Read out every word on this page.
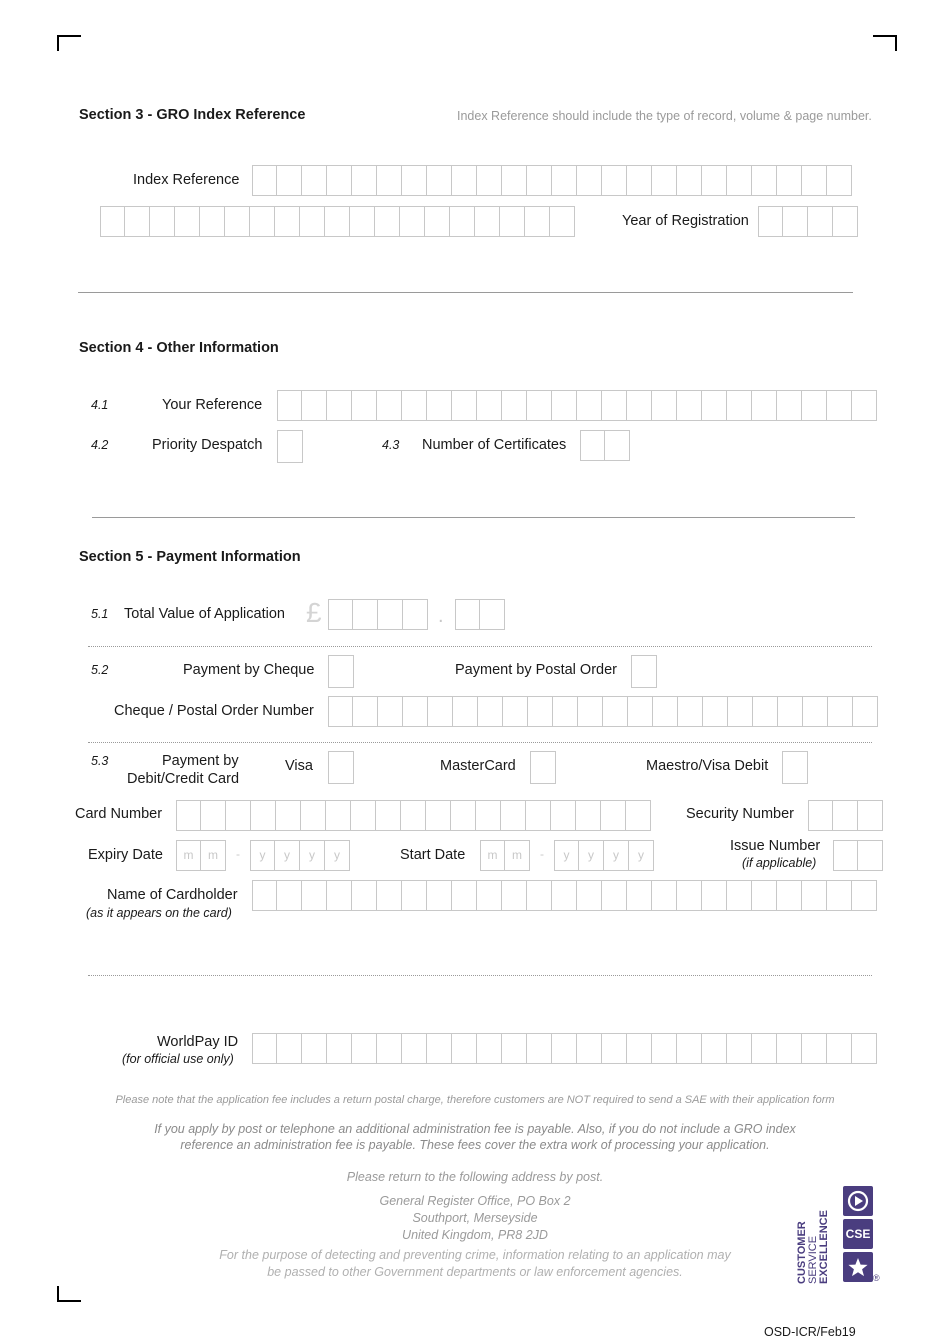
Section 3 - GRO Index Reference	Index Reference should include the type of record, volume & page number.
Index Reference
Year of Registration
Section 4 - Other Information
4.1	Your Reference
4.2	Priority Despatch	4.3 Number of Certificates
Section 5 - Payment Information
5.1 Total Value of Application £	.
5.2	Payment by Cheque	Payment by Postal Order
Cheque / Postal Order Number
5.3	Payment by
Debit/Credit Card
Visa	MasterCard	Maestro/Visa Debit
Card Number	Security Number
Expiry Date	m	m	-	y	y	y	y	Start Date	m	m	-	y	y	y	y
Issue Number
(if applicable)
Name of Cardholder
(as it appears on the card)
WorldPay ID
(for official use only)
Please note that the application fee includes a return postal charge, therefore customers are NOT required to send a SAE with their application form
If you apply by post or telephone an additional administration fee is payable. Also, if you do not include a GRO index
reference an administration fee is payable. These fees cover the extra work of processing your application.
Please return to the following address by post.
General Register Office, PO Box 2
Southport, Merseyside
United Kingdom, PR8 2JD
For the purpose of detecting and preventing crime, information relating to an application may
be passed to other Government departments or law enforcement agencies.	CUSTOMER SERVICE EXCELLENCE CSE
®
OSD-ICR/Feb19
